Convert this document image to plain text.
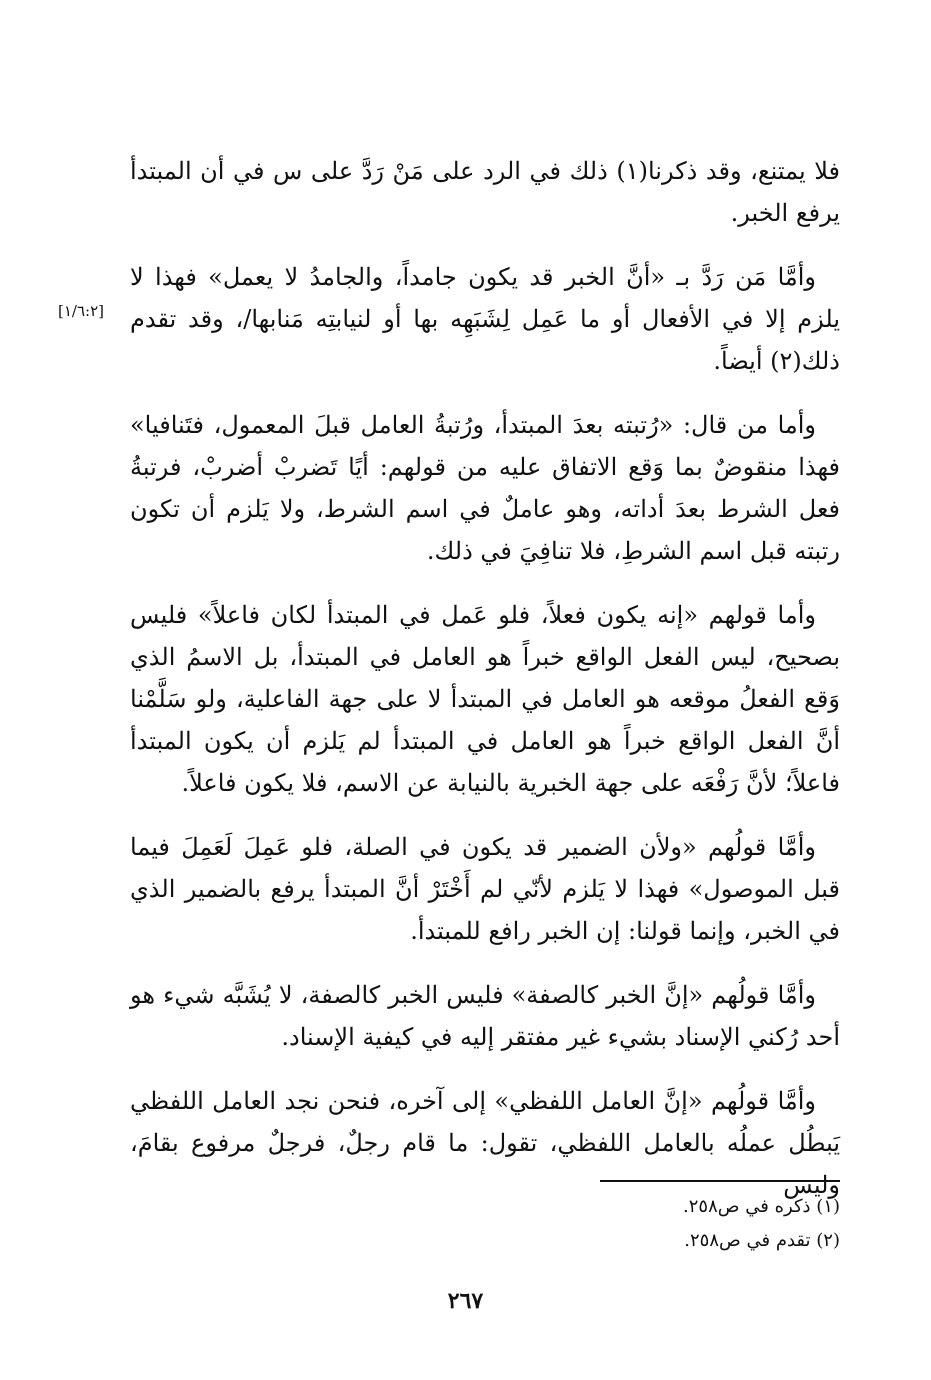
فلا يمتنع، وقد ذكرنا(١) ذلك في الرد على مَنْ رَدَّ على س في أن المبتدأ يرفع الخبر.

وأمَّا مَن رَدَّ بـ «أنَّ الخبر قد يكون جامداً، والجامدُ لا يعمل» فهذا لا يلزم إلا في الأفعال أو ما عَمِل لِشَبَهِه بها أو لنيابتِه مَنابها/، وقد تقدم ذلك(٢) أيضاً.

وأما من قال: «رُتبته بعدَ المبتدأ، ورُتبةُ العامل قبلَ المعمول، فتَنافيا» فهذا منقوضٌ بما وَقع الاتفاق عليه من قولهم: أيًا تَضربْ أضربْ، فرتبةُ فعل الشرط بعدَ أداته، وهو عاملٌ في اسم الشرط، ولا يَلزم أن تكون رتبته قبل اسم الشرطِ، فلا تنافِيَ في ذلك.

وأما قولهم «إنه يكون فعلاً، فلو عَمل في المبتدأ لكان فاعلاً» فليس بصحيح، ليس الفعل الواقع خبراً هو العامل في المبتدأ، بل الاسمُ الذي وَقع الفعلُ موقعه هو العامل في المبتدأ لا على جهة الفاعلية، ولو سَلَّمْنا أنَّ الفعل الواقع خبراً هو العامل في المبتدأ لم يَلزم أن يكون المبتدأ فاعلاً؛ لأنَّ رَفْعَه على جهة الخبرية بالنيابة عن الاسم، فلا يكون فاعلاً.

وأمَّا قولُهم «ولأن الضمير قد يكون في الصلة، فلو عَمِلَ لَعَمِلَ فيما قبل الموصول» فهذا لا يَلزم لأنّي لم أَخْتَرْ أنَّ المبتدأ يرفع بالضمير الذي في الخبر، وإنما قولنا: إن الخبر رافع للمبتدأ.

وأمَّا قولُهم «إنَّ الخبر كالصفة» فليس الخبر كالصفة، لا يُشَبَّه شيء هو أحد رُكني الإسناد بشيء غير مفتقر إليه في كيفية الإسناد.

وأمَّا قولُهم «إنَّ العامل اللفظي» إلى آخره، فنحن نجد العامل اللفظي يَبطُل عملُه بالعامل اللفظي، تقول: ما قام رجلٌ، فرجلٌ مرفوع بقامَ، وليس

[١/٦:٢]

(١) ذكره في ص٢٥٨.

(٢) تقدم في ص٢٥٨.

٢٦٧
